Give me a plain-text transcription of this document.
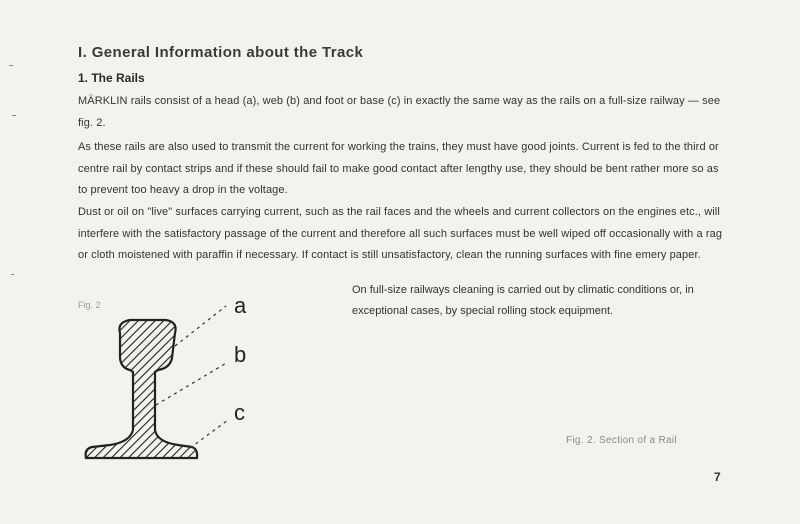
I. General Information about the Track
1. The Rails

MÄRKLIN rails consist of a head (a), web (b) and foot or base (c) in exactly the same way as the rails on a full-size railway — see fig. 2.

As these rails are also used to transmit the current for working the trains, they must have good joints. Current is fed to the third or centre rail by contact strips and if these should fail to make good contact after lengthy use, they should be bent rather more so as to prevent too heavy a drop in the voltage.

Dust or oil on "live" surfaces carrying current, such as the rail faces and the wheels and current collectors on the engines etc., will interfere with the satisfactory passage of the current and therefore all such surfaces must be well wiped off occasionally with a rag or cloth moistened with paraffin if necessary. If contact is still unsatisfactory, clean the running surfaces with fine emery paper.

On full-size railways cleaning is carried out by climatic conditions or, in exceptional cases, by special rolling stock equipment.

Fig. 2	a
b
c

Fig. 2. Section of a Rail

7
